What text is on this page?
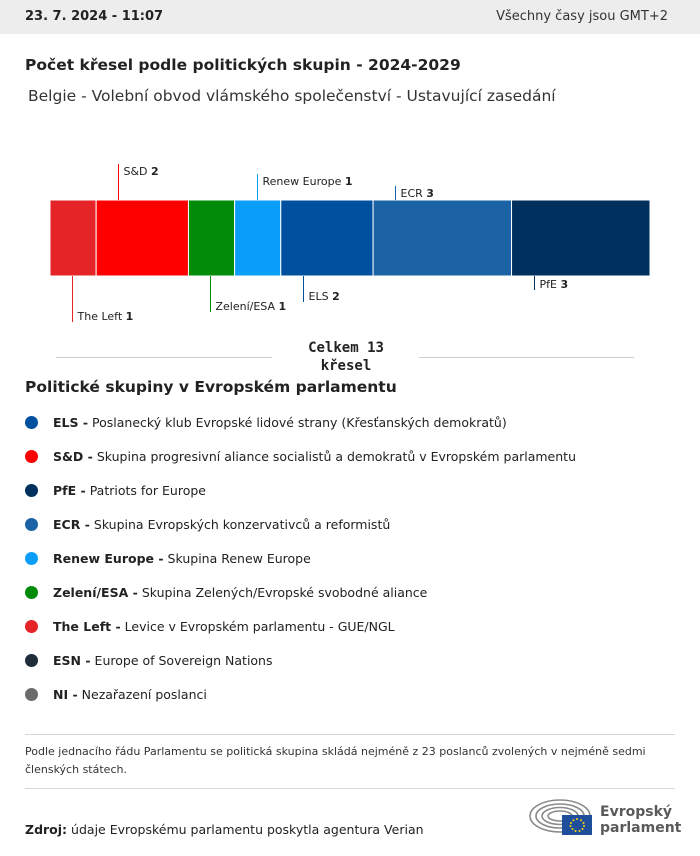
23. 7. 2024 - 11:07	Všechny časy jsou GMT+2
Počet křesel podle politických skupin - 2024-2029
Belgie - Volební obvod vlámského společenství - Ustavující zasedání
The Left 1
S&D 2
Zelení/ESA 1
Renew Europe 1
ELS 2
ECR 3
PfE 3
Celkem 13
křesel
Politické skupiny v Evropském parlamentu
ELS - Poslanecký klub Evropské lidové strany (Křesťanských demokratů)
S&D - Skupina progresivní aliance socialistů a demokratů v Evropském parlamentu
PfE - Patriots for Europe
ECR - Skupina Evropských konzervativců a reformistů
Renew Europe - Skupina Renew Europe
Zelení/ESA - Skupina Zelených/Evropské svobodné aliance
The Left - Levice v Evropském parlamentu - GUE/NGL
ESN - Europe of Sovereign Nations
NI - Nezařazení poslanci
Podle jednacího řádu Parlamentu se politická skupina skládá nejméně z 23 poslanců zvolených v nejméně sedmi členských státech.
Zdroj: údaje Evropskému parlamentu poskytla agentura Verian
Evropský
parlament
